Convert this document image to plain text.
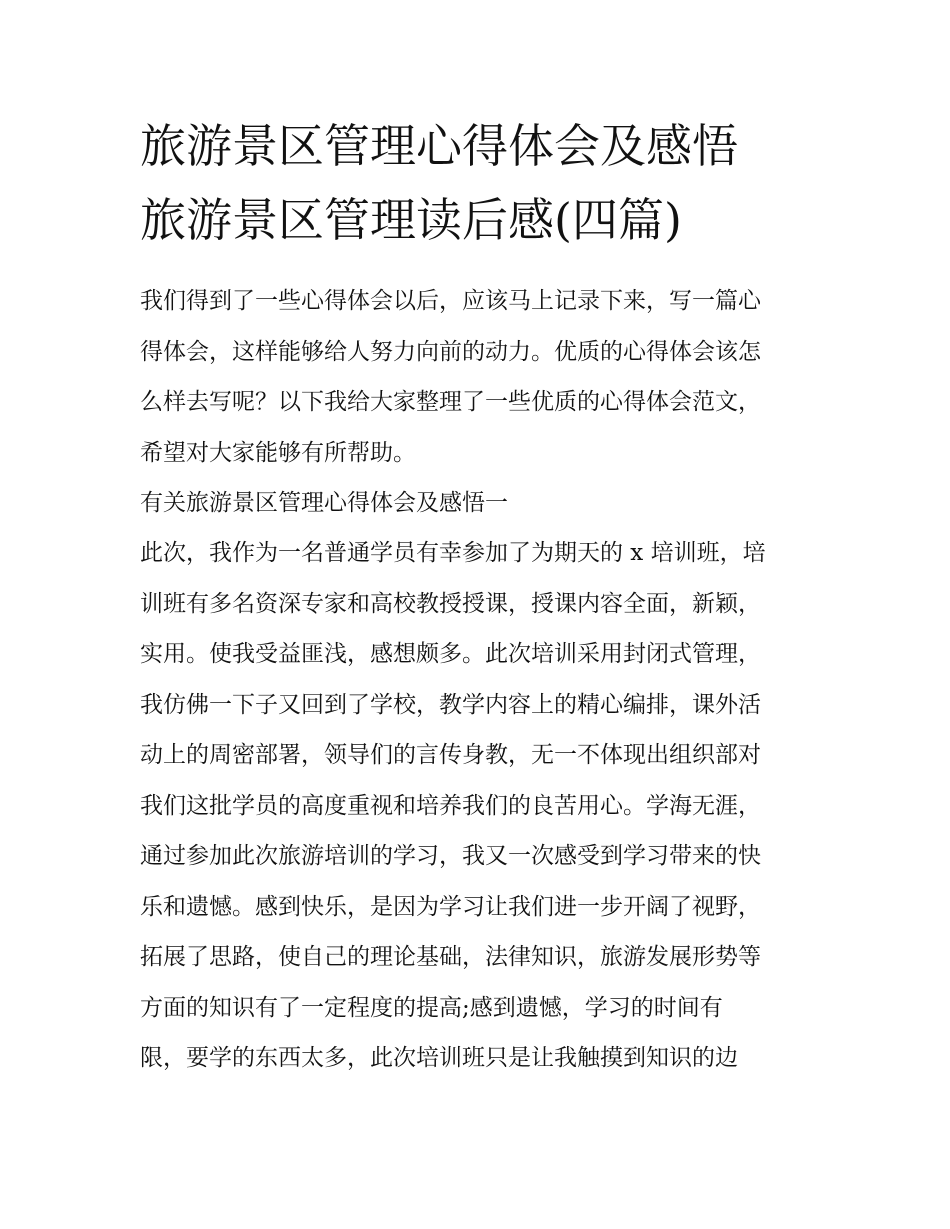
旅游景区管理心得体会及感悟
旅游景区管理读后感(四篇)

我们得到了一些心得体会以后，应该马上记录下来，写一篇心

得体会，这样能够给人努力向前的动力。优质的心得体会该怎

么样去写呢？以下我给大家整理了一些优质的心得体会范文，

希望对大家能够有所帮助。

有关旅游景区管理心得体会及感悟一

此次，我作为一名普通学员有幸参加了为期天的 x 培训班，培

训班有多名资深专家和高校教授授课，授课内容全面，新颖，

实用。使我受益匪浅，感想颇多。此次培训采用封闭式管理，

我仿佛一下子又回到了学校，教学内容上的精心编排，课外活

动上的周密部署，领导们的言传身教，无一不体现出组织部对

我们这批学员的高度重视和培养我们的良苦用心。学海无涯，

通过参加此次旅游培训的学习，我又一次感受到学习带来的快

乐和遗憾。感到快乐，是因为学习让我们进一步开阔了视野，

拓展了思路，使自己的理论基础，法律知识，旅游发展形势等

方面的知识有了一定程度的提高;感到遗憾，学习的时间有

限，要学的东西太多，此次培训班只是让我触摸到知识的边
